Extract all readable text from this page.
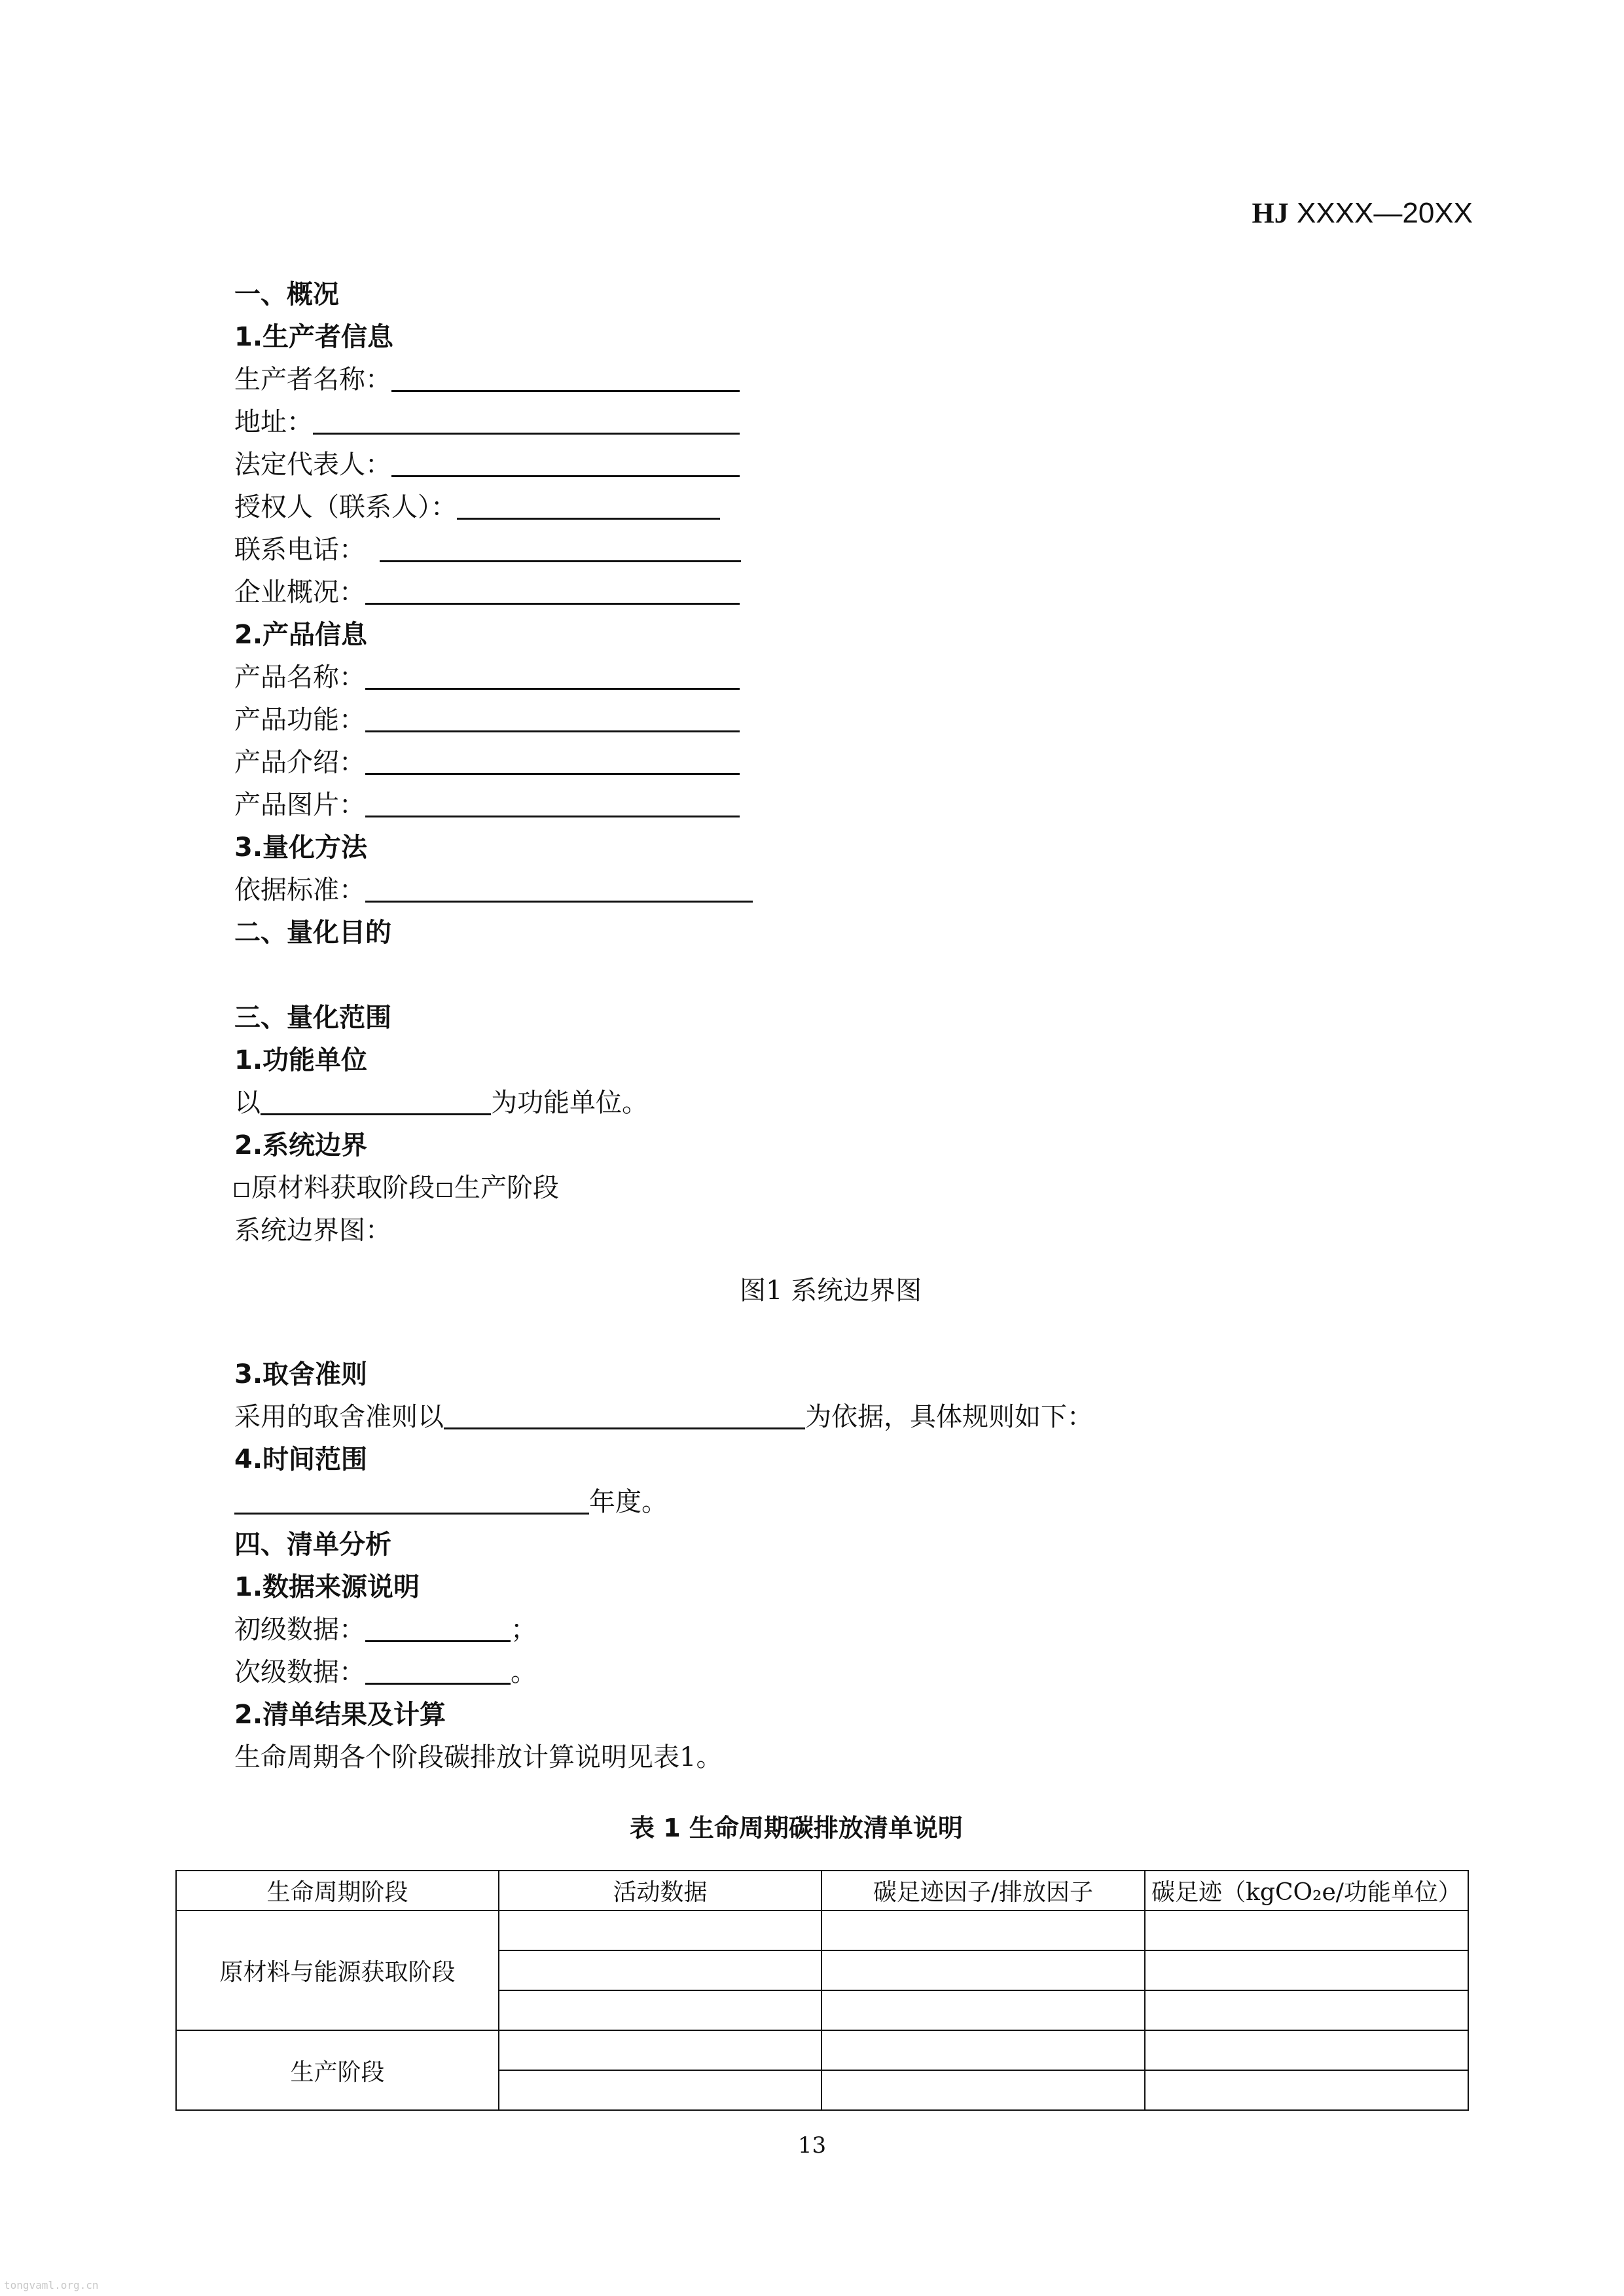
HJ XXXX—20XX
一、概况
1.生产者信息
生产者名称：
地址：
法定代表人：
授权人（联系人）：
联系电话：
企业概况：
2.产品信息
产品名称：
产品功能：
产品介绍：
产品图片：
3.量化方法
依据标准：
二、量化目的
三、量化范围
1.功能单位
以	为功能单位。
2.系统边界
原材料获取阶段 生产阶段
系统边界图：
图1 系统边界图
3.取舍准则
采用的取舍准则以	为依据，具体规则如下：
4.时间范围
年度。
四、清单分析
1.数据来源说明
初级数据：	；
次级数据：	。
2.清单结果及计算
生命周期各个阶段碳排放计算说明见表1。
表 1 生命周期碳排放清单说明
生命周期阶段	活动数据	碳足迹因子/排放因子	碳足迹（kgCO₂e/功能单位）
原材料与能源获取阶段			

生产阶段			

13
tongvaml.org.cn
